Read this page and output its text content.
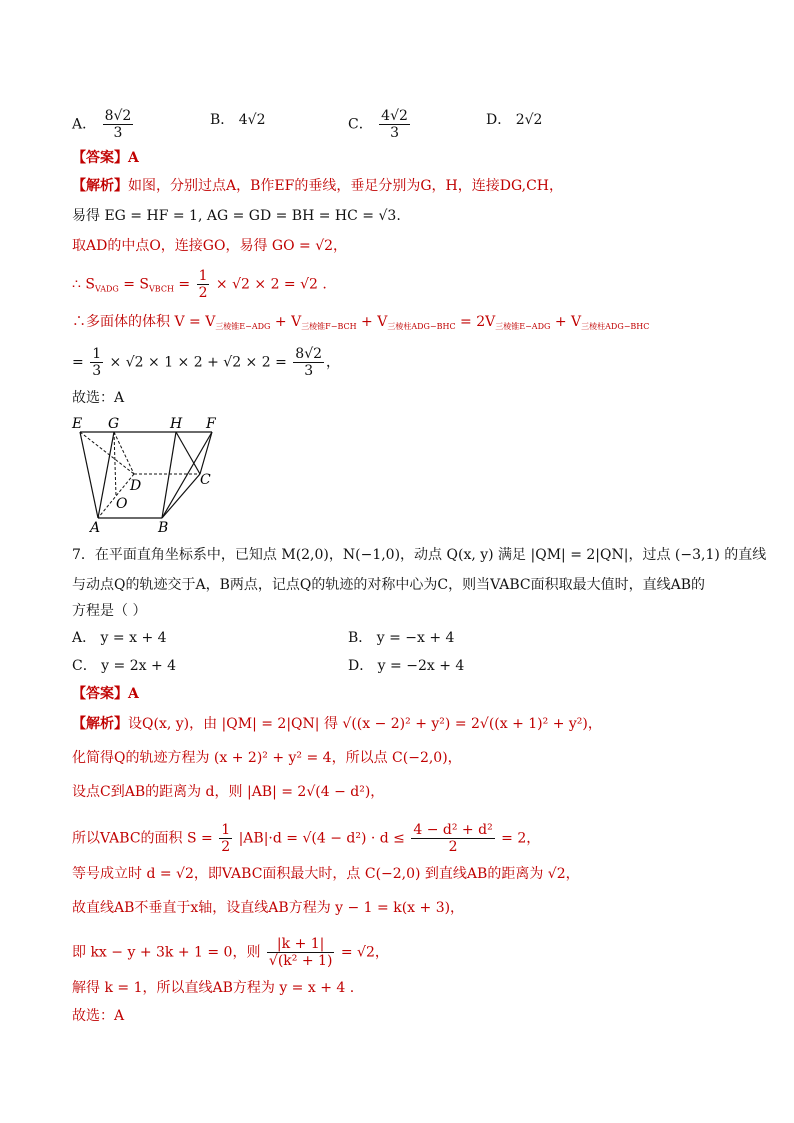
A． $\frac{8√2}{3}$	B． 4√2	C． $\frac{4√2}{3}$	D． 2√2
【答案】A
【解析】如图，分别过点A，B作EF的垂线，垂足分别为G，H，连接DG,CH，
易得 EG = HF = 1, AG = GD = BH = HC = √3.
取AD的中点O，连接GO，易得 GO = √2，
∴ $S_{VADG} = S_{VBCH} = \frac{1}{2} \times √2 \times 2 = √2$ .
∴多面体的体积 $V = V_{三棱锥E-ADG} + V_{三棱锥F-BCH} + V_{三棱柱ADG-BHC} = 2V_{三棱锥E-ADG} + V_{三棱柱ADG-BHC}$
= $\frac{1}{3} \times √2 \times 1 \times 2 + √2 \times 2 = \frac{8√2}{3}$ ，
故选：A
E G	H F
D	C
O
A	B
7．在平面直角坐标系中，已知点 M(2,0)，N(−1,0)，动点 Q(x, y) 满足 |QM| = 2|QN|，过点 (−3,1) 的直线
与动点Q的轨迹交于A，B两点，记点Q的轨迹的对称中心为C，则当VABC面积取最大值时，直线AB的
方程是（ ）
A． y = x + 4	B． y = −x + 4
C． y = 2x + 4	D． y = −2x + 4
【答案】A
【解析】设Q(x, y)，由 |QM| = 2|QN| 得 √((x − 2)² + y²) = 2√((x + 1)² + y²)，
化简得Q的轨迹方程为 (x + 2)² + y² = 4，所以点 C(−2,0)，
设点C到AB的距离为 d，则 |AB| = 2√(4 − d²)，
所以VABC的面积 $S = \frac{1}{2} |AB|\cdot d = √(4 - d^2) \cdot d \le \frac{\text{4 − d² + d²}}{2} = 2$，
等号成立时 d = √2，即VABC面积最大时，点 C(−2,0) 到直线AB的距离为 √2，
故直线AB不垂直于x轴，设直线AB方程为 y − 1 = k(x + 3)，
即 kx − y + 3k + 1 = 0，则 $\frac{|k + 1|}{\text{√(k² + 1)}} = √2$，
解得 k = 1，所以直线AB方程为 y = x + 4 .
故选：A
